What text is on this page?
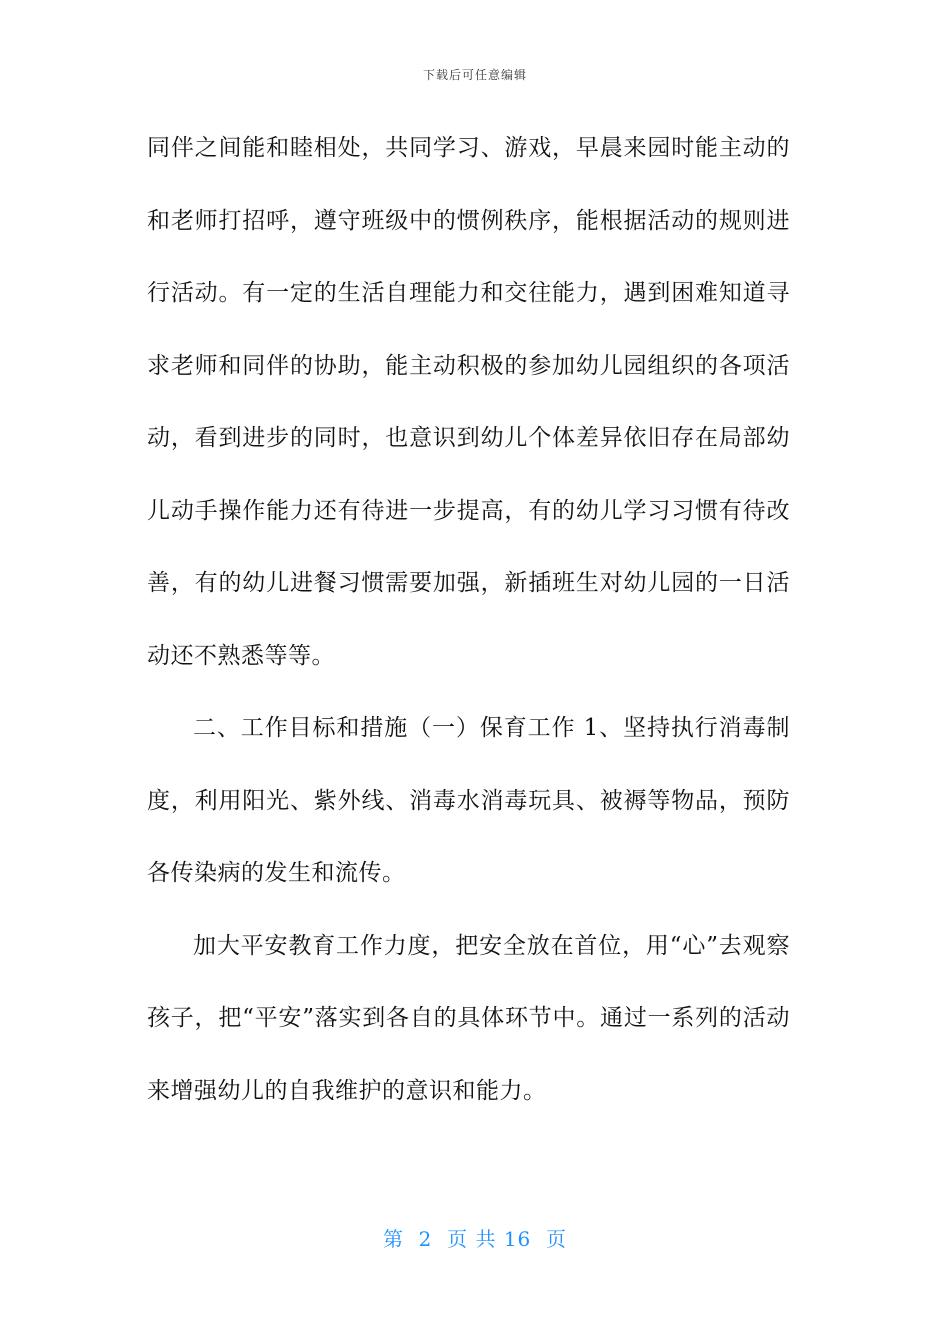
下载后可任意编辑

同伴之间能和睦相处，共同学习、游戏，早晨来园时能主动的和老师打招呼，遵守班级中的惯例秩序，能根据活动的规则进行活动。有一定的生活自理能力和交往能力，遇到困难知道寻求老师和同伴的协助，能主动积极的参加幼儿园组织的各项活动，看到进步的同时，也意识到幼儿个体差异依旧存在局部幼儿动手操作能力还有待进一步提高，有的幼儿学习习惯有待改善，有的幼儿进餐习惯需要加强，新插班生对幼儿园的一日活动还不熟悉等等。

二、工作目标和措施（一）保育工作 1、坚持执行消毒制度，利用阳光、紫外线、消毒水消毒玩具、被褥等物品，预防各传染病的发生和流传。

加大平安教育工作力度，把安全放在首位，用“心”去观察孩子，把“平安”落实到各自的具体环节中。通过一系列的活动来增强幼儿的自我维护的意识和能力。

第  2  页 共 16  页
